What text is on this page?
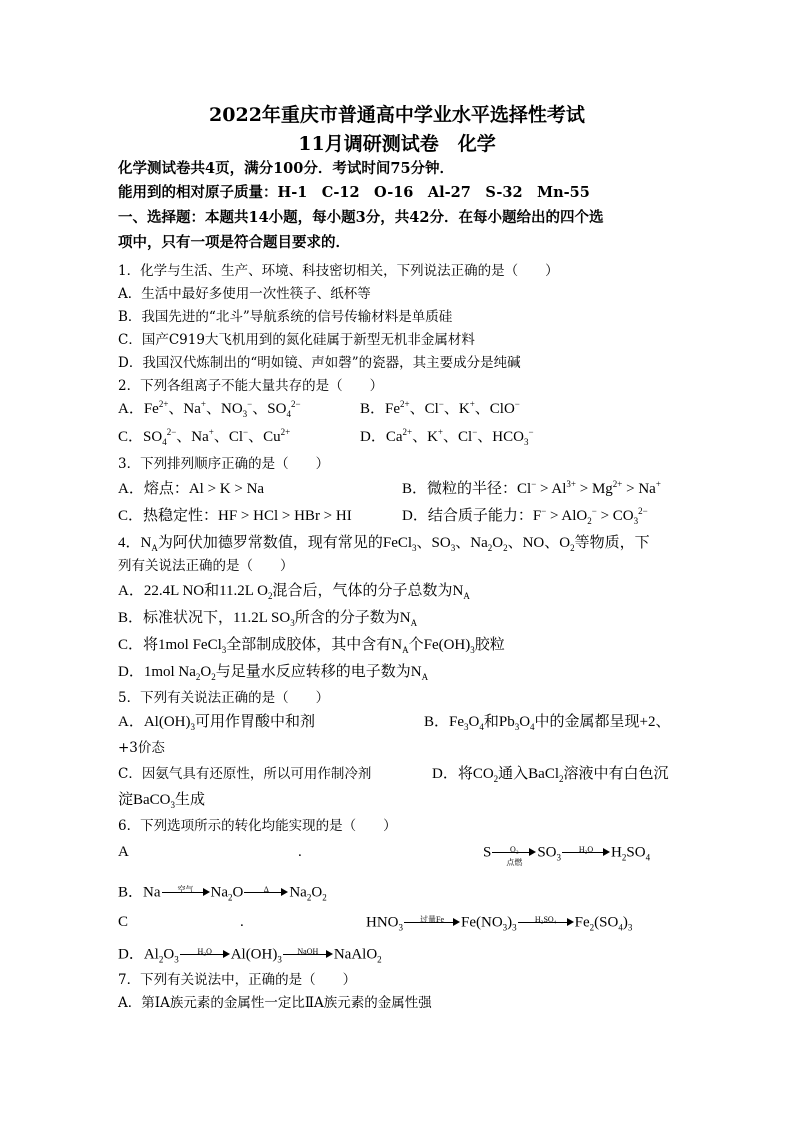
2022年重庆市普通高中学业水平选择性考试
11月调研测试卷　化学
化学测试卷共4页，满分100分．考试时间75分钟．
能用到的相对原子质量：H-1　C-12　O-16　Al-27　S-32　Mn-55
一、选择题：本题共14小题，每小题3分，共42分．在每小题给出的四个选
项中，只有一项是符合题目要求的．
1．化学与生活、生产、环境、科技密切相关，下列说法正确的是（　　）
A．生活中最好多使用一次性筷子、纸杯等
B．我国先进的“北斗”导航系统的信号传输材料是单质硅
C．国产C919大飞机用到的氮化硅属于新型无机非金属材料
D．我国汉代炼制出的“明如镜、声如磬”的瓷器，其主要成分是纯碱
2．下列各组离子不能大量共存的是（　　）
A．$Fe^{2+}$、Na+、$NO_3^-$、$SO_4^{2-}$	B．$Fe^{2+}$、Cl−、K+、ClO−
C．$SO_4^{2-}$、Na+、Cl−、$Cu^{2+}$	D．$Ca^{2+}$、K+、Cl−、$HCO_3^-$
3．下列排列顺序正确的是（　　）
A．熔点：Al > K > Na	B．微粒的半径：$Cl^- > Al^{3+} > Mg^{2+} > Na^+$
C．热稳定性：HF > HCl > HBr > HI	D．结合质子能力：$F^- > AlO_2^- > CO_3^{2-}$
4．$N_A$为阿伏加德罗常数值，现有常见的FeCl$_3$、$SO_3$、$Na_2O_2$、NO、$O_2$等物质，下
列有关说法正确的是（　　）
A．22.4L NO和11.2L $O_2$混合后，气体的分子总数为$N_A$
B．标准状况下，11.2L $SO_3$所含的分子数为$N_A$
C．将1mol FeCl$_3$全部制成胶体，其中含有$N_A$个$Fe(OH)_3$胶粒
D．1mol $Na_2O_2$与足量水反应转移的电子数为$N_A$
5．下列有关说法正确的是（　　）
A．$Al(OH)_3$可用作胃酸中和剂	B．$Fe_3O_4$和$Pb_3O_4$中的金属都呈现+2、
+3价态
C．因氨气具有还原性，所以可用作制冷剂	D．将$CO_2$通入BaCl$_2$溶液中有白色沉
淀BaCO$_3$生成
6．下列选项所示的转化均能实现的是（　　）
A	.	S	O₂
点燃
$SO_3$
H₂O	$H_2SO_4$
B．Na	空气	$Na_2O$	Δ	$Na_2O_2$
C	.	$HNO_3$
过量Fe	$Fe(NO_3)_3$
H₂SO₄	$Fe_2(SO_4)_3$
D．$Al_2O_3$
H₂O	$Al(OH)_3$
NaOH	NaAlO$_2$
7．下列有关说法中，正确的是（　　）
A．第ⅠA族元素的金属性一定比ⅡA族元素的金属性强
